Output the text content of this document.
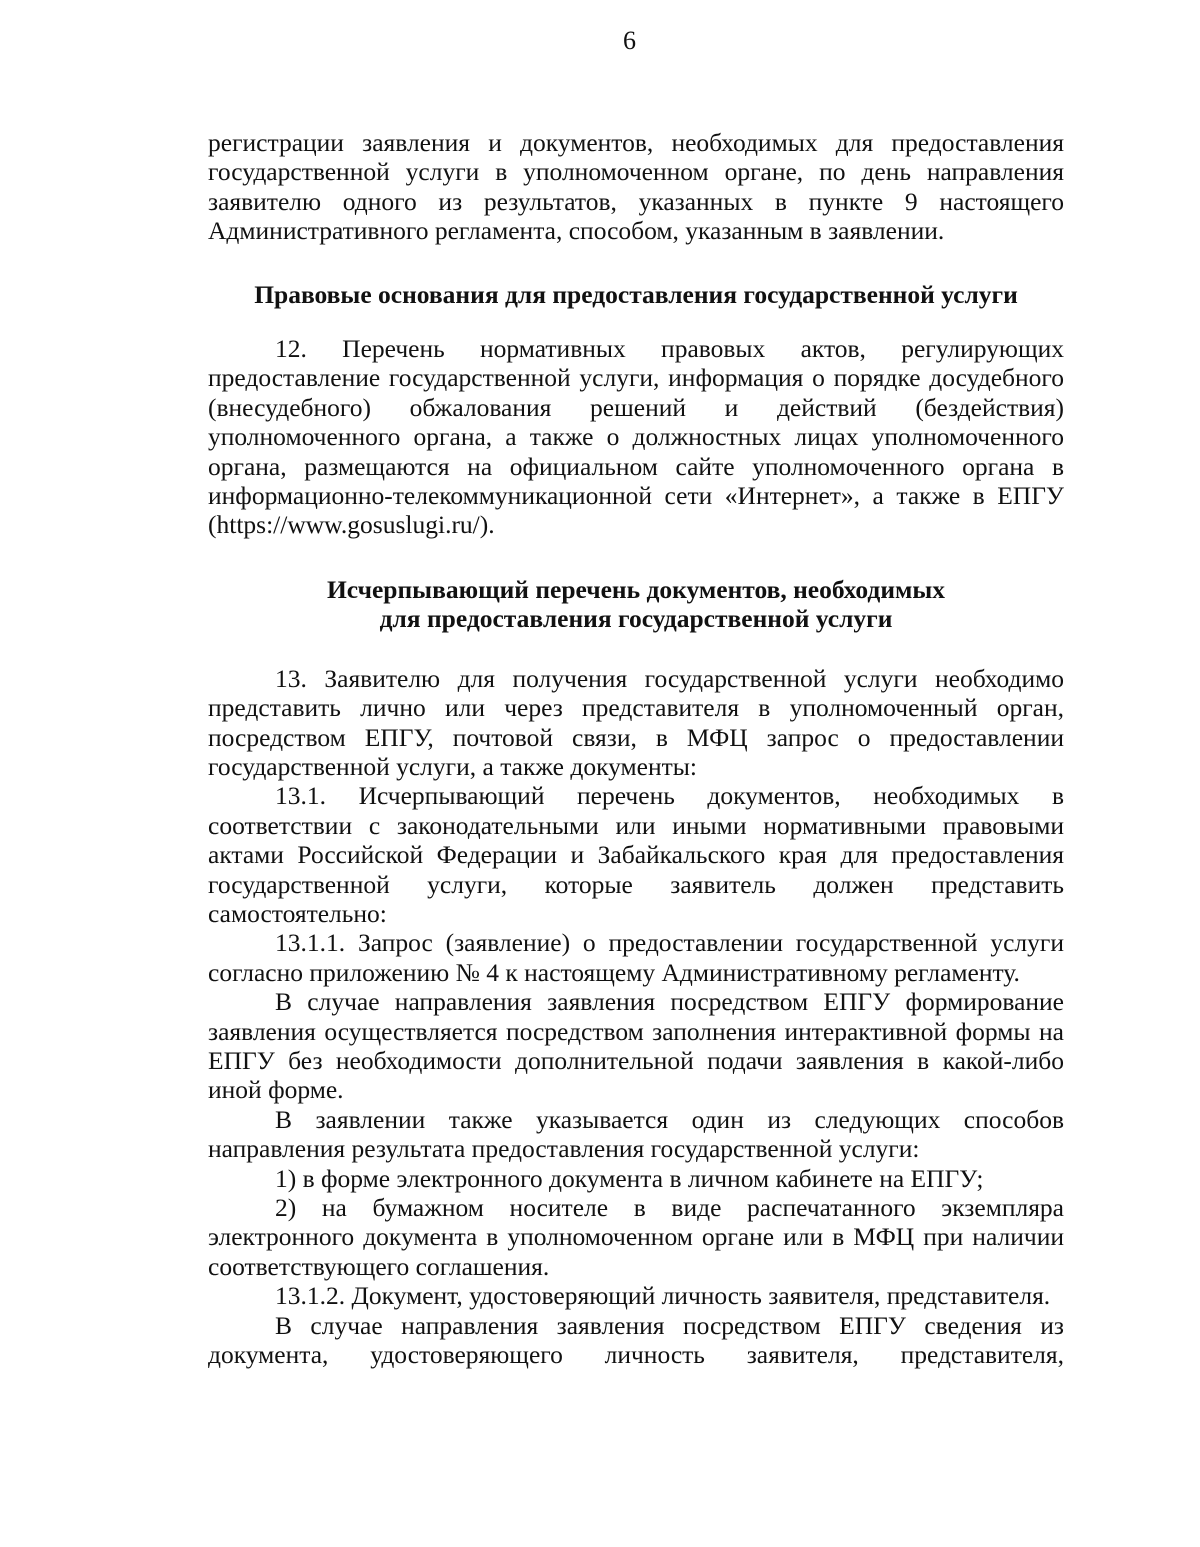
6

регистрации заявления и документов, необходимых для предоставления государственной услуги в уполномоченном органе, по день направления заявителю одного из результатов, указанных в пункте 9 настоящего Административного регламента, способом, указанным в заявлении.

Правовые основания для предоставления государственной услуги

12. Перечень нормативных правовых актов, регулирующих предоставление государственной услуги, информация о порядке досудебного (внесудебного) обжалования решений и действий (бездействия) уполномоченного органа, а также о должностных лицах уполномоченного органа, размещаются на официальном сайте уполномоченного органа в информационно-телекоммуникационной сети «Интернет», а также в ЕПГУ (https://www.gosuslugi.ru/).

Исчерпывающий перечень документов, необходимых
для предоставления государственной услуги

13. Заявителю для получения государственной услуги необходимо представить лично или через представителя в уполномоченный орган, посредством ЕПГУ, почтовой связи, в МФЦ запрос о предоставлении государственной услуги, а также документы:

13.1. Исчерпывающий перечень документов, необходимых в соответствии с законодательными или иными нормативными правовыми актами Российской Федерации и Забайкальского края для предоставления государственной услуги, которые заявитель должен представить самостоятельно:

13.1.1. Запрос (заявление) о предоставлении государственной услуги согласно приложению № 4 к настоящему Административному регламенту.

В случае направления заявления посредством ЕПГУ формирование заявления осуществляется посредством заполнения интерактивной формы на ЕПГУ без необходимости дополнительной подачи заявления в какой-либо иной форме.

В заявлении также указывается один из следующих способов направления результата предоставления государственной услуги:

1) в форме электронного документа в личном кабинете на ЕПГУ;

2) на бумажном носителе в виде распечатанного экземпляра электронного документа в уполномоченном органе или в МФЦ при наличии соответствующего соглашения.

13.1.2. Документ, удостоверяющий личность заявителя, представителя.

В случае направления заявления посредством ЕПГУ сведения из документа, удостоверяющего личность заявителя, представителя,
